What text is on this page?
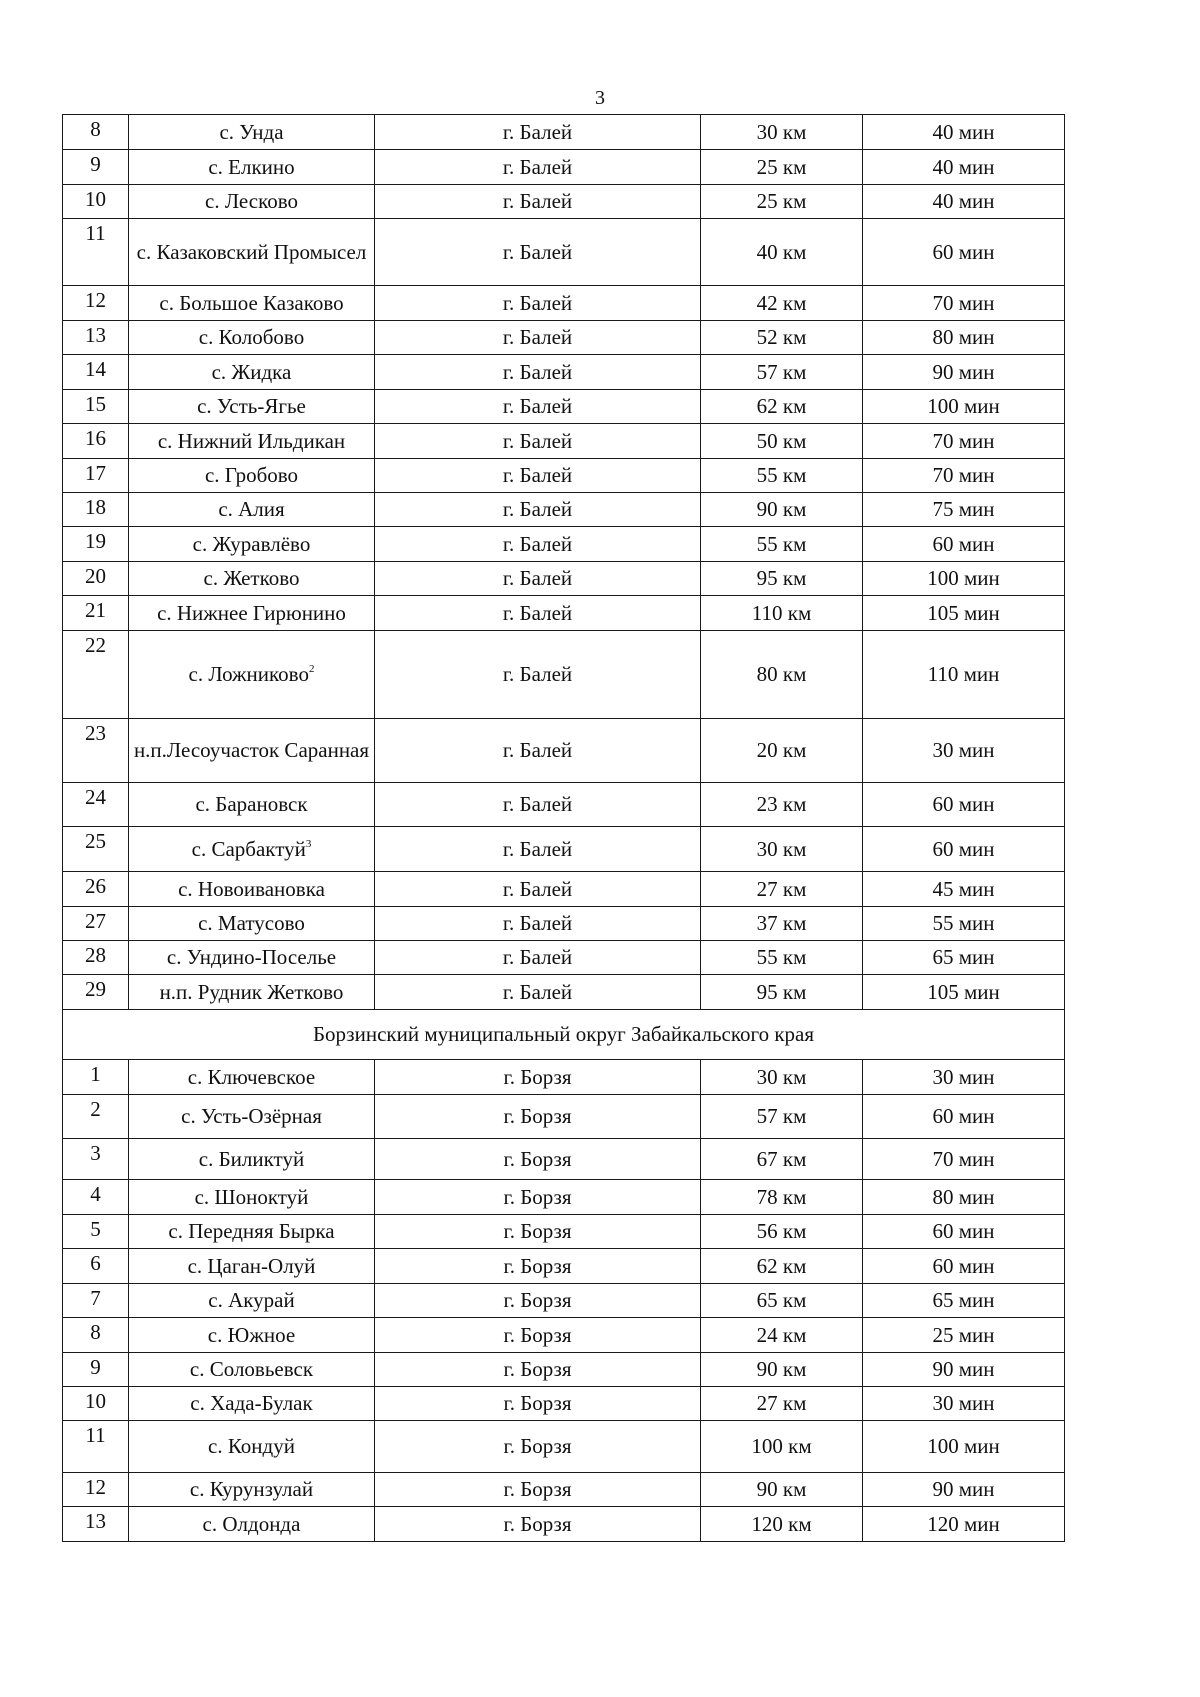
3
8	с. Унда	г. Балей	30 км	40 мин

9	с. Елкино	г. Балей	25 км	40 мин

10	с. Лесково	г. Балей	25 км	40 мин

11	с. Казаковский Промысел	г. Балей	40 км	60 мин

12	с. Большое Казаково	г. Балей	42 км	70 мин

13	с. Колобово	г. Балей	52 км	80 мин

14	с. Жидка	г. Балей	57 км	90 мин

15	с. Усть-Ягье	г. Балей	62 км	100 мин

16	с. Нижний Ильдикан	г. Балей	50 км	70 мин

17	с. Гробово	г. Балей	55 км	70 мин

18	с. Алия	г. Балей	90 км	75 мин

19	с. Журавлёво	г. Балей	55 км	60 мин

20	с. Жетково	г. Балей	95 км	100 мин

21	с. Нижнее Гирюнино	г. Балей	110 км	105 мин

22	с. Ложниково$^2$	г. Балей	80 км	110 мин

23	н.п.Лесоучасток Саранная	г. Балей	20 км	30 мин

24	с. Барановск	г. Балей	23 км	60 мин

25	с. Сарбактуй$^3$	г. Балей	30 км	60 мин

26	с. Новоивановка	г. Балей	27 км	45 мин

27	с. Матусово	г. Балей	37 км	55 мин

28	с. Ундино-Поселье	г. Балей	55 км	65 мин

29	н.п. Рудник Жетково	г. Балей	95 км	105 мин
Борзинский муниципальный округ Забайкальского края				

1	с. Ключевское	г. Борзя	30 км	30 мин

2	с. Усть-Озёрная	г. Борзя	57 км	60 мин

3	с. Биликтуй	г. Борзя	67 км	70 мин

4	с. Шоноктуй	г. Борзя	78 км	80 мин

5	с. Передняя Бырка	г. Борзя	56 км	60 мин

6	с. Цаган-Олуй	г. Борзя	62 км	60 мин

7	с. Акурай	г. Борзя	65 км	65 мин

8	с. Южное	г. Борзя	24 км	25 мин

9	с. Соловьевск	г. Борзя	90 км	90 мин

10	с. Хада-Булак	г. Борзя	27 км	30 мин

11	с. Кондуй	г. Борзя	100 км	100 мин

12	с. Курунзулай	г. Борзя	90 км	90 мин

13	с. Олдонда	г. Борзя	120 км	120 мин
